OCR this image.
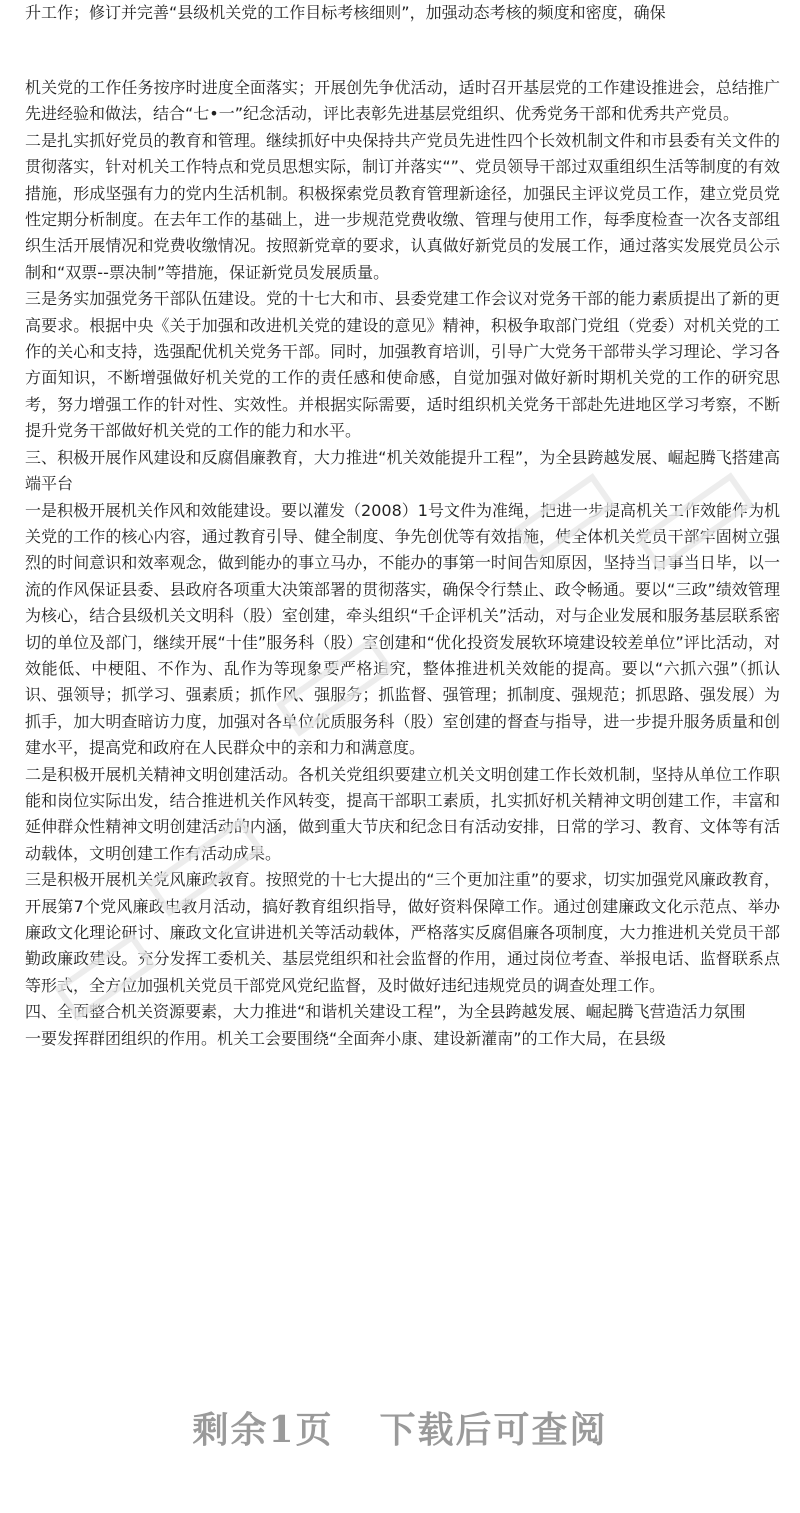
升工作；修订并完善“县级机关党的工作目标考核细则”，加强动态考核的频度和密度，确保

机关党的工作任务按序时进度全面落实；开展创先争优活动，适时召开基层党的工作建设推进会，总结推广先进经验和做法，结合“七•一”纪念活动，评比表彰先进基层党组织、优秀党务干部和优秀共产党员。

二是扎实抓好党员的教育和管理。继续抓好中央保持共产党员先进性四个长效机制文件和市县委有关文件的贯彻落实，针对机关工作特点和党员思想实际，制订并落实“”、党员领导干部过双重组织生活等制度的有效措施，形成坚强有力的党内生活机制。积极探索党员教育管理新途径，加强民主评议党员工作，建立党员党性定期分析制度。在去年工作的基础上，进一步规范党费收缴、管理与使用工作，每季度检查一次各支部组织生活开展情况和党费收缴情况。按照新党章的要求，认真做好新党员的发展工作，通过落实发展党员公示制和“双票--票决制”等措施，保证新党员发展质量。

三是务实加强党务干部队伍建设。党的十七大和市、县委党建工作会议对党务干部的能力素质提出了新的更高要求。根据中央《关于加强和改进机关党的建设的意见》精神，积极争取部门党组（党委）对机关党的工作的关心和支持，选强配优机关党务干部。同时，加强教育培训，引导广大党务干部带头学习理论、学习各方面知识，不断增强做好机关党的工作的责任感和使命感，自觉加强对做好新时期机关党的工作的研究思考，努力增强工作的针对性、实效性。并根据实际需要，适时组织机关党务干部赴先进地区学习考察，不断提升党务干部做好机关党的工作的能力和水平。

三、积极开展作风建设和反腐倡廉教育，大力推进“机关效能提升工程”，为全县跨越发展、崛起腾飞搭建高端平台

一是积极开展机关作风和效能建设。要以灌发（2008）1号文件为准绳，把进一步提高机关工作效能作为机关党的工作的核心内容，通过教育引导、健全制度、争先创优等有效措施，使全体机关党员干部牢固树立强烈的时间意识和效率观念，做到能办的事立马办，不能办的事第一时间告知原因，坚持当日事当日毕，以一流的作风保证县委、县政府各项重大决策部署的贯彻落实，确保令行禁止、政令畅通。要以“三政”绩效管理为核心，结合县级机关文明科（股）室创建，牵头组织“千企评机关”活动，对与企业发展和服务基层联系密切的单位及部门，继续开展“十佳”服务科（股）室创建和“优化投资发展软环境建设较差单位”评比活动，对效能低、中梗阻、不作为、乱作为等现象要严格追究，整体推进机关效能的提高。要以“六抓六强”（抓认识、强领导；抓学习、强素质；抓作风、强服务；抓监督、强管理；抓制度、强规范；抓思路、强发展）为抓手，加大明查暗访力度，加强对各单位优质服务科（股）室创建的督查与指导，进一步提升服务质量和创建水平，提高党和政府在人民群众中的亲和力和满意度。

二是积极开展机关精神文明创建活动。各机关党组织要建立机关文明创建工作长效机制，坚持从单位工作职能和岗位实际出发，结合推进机关作风转变，提高干部职工素质，扎实抓好机关精神文明创建工作，丰富和延伸群众性精神文明创建活动的内涵，做到重大节庆和纪念日有活动安排，日常的学习、教育、文体等有活动载体，文明创建工作有活动成果。

三是积极开展机关党风廉政教育。按照党的十七大提出的“三个更加注重”的要求，切实加强党风廉政教育，开展第7个党风廉政电教月活动，搞好教育组织指导，做好资料保障工作。通过创建廉政文化示范点、举办廉政文化理论研讨、廉政文化宣讲进机关等活动载体，严格落实反腐倡廉各项制度，大力推进机关党员干部勤政廉政建设。充分发挥工委机关、基层党组织和社会监督的作用，通过岗位考查、举报电话、监督联系点等形式，全方位加强机关党员干部党风党纪监督，及时做好违纪违规党员的调查处理工作。

四、全面整合机关资源要素，大力推进“和谐机关建设工程”，为全县跨越发展、崛起腾飞营造活力氛围

一要发挥群团组织的作用。机关工会要围绕“全面奔小康、建设新灌南”的工作大局，在县级

剩余1页 下载后可查阅
